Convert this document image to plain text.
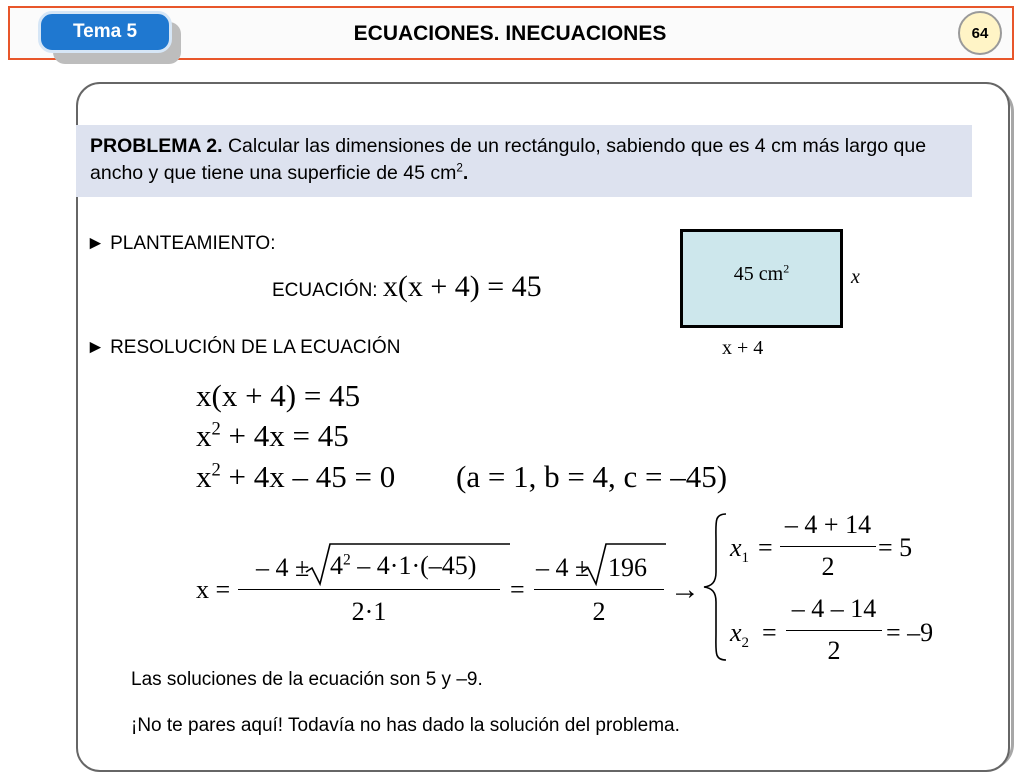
Tema 5	ECUACIONES. INECUACIONES	64
PROBLEMA 2. Calcular las dimensiones de un rectángulo, sabiendo que es 4 cm más largo que ancho y que tiene una superficie de 45 $cm^2$.
► PLANTEAMIENTO:
ECUACIÓN: x(x + 4) = 45	45 $cm^2$	x
x + 4
► RESOLUCIÓN DE LA ECUACIÓN
x(x + 4) = 45
$x^2 + 4x = 45$
$x^2 + 4x - 45 = 0$ (a = 1, b = 4, c = –45)
x =
– $4 \pm 4^2 - 4\cdot 1\cdot(-45)$
2·1
=
– 4 ± 196
2
→
$x_1$ =
– 4 + 14
2
= 5
$x_2$ =
– 4 – 14
2
= –9
Las soluciones de la ecuación son 5 y –9.
¡No te pares aquí! Todavía no has dado la solución del problema.
